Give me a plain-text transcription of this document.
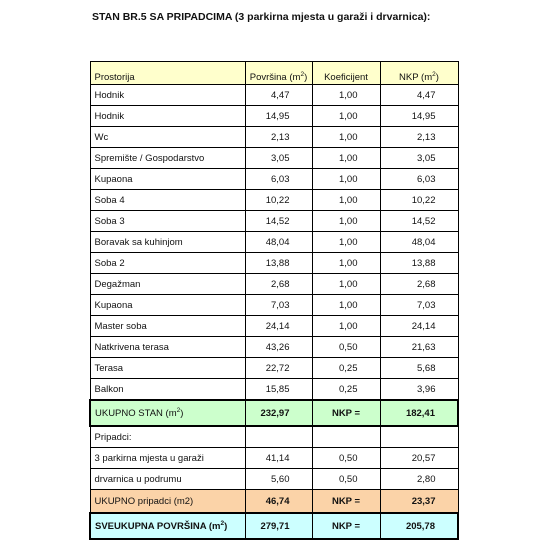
STAN BR.5 SA PRIPADCIMA (3 parkirna mjesta u garaži i drvarnica):
Prostorija	Površina $(m^2)$	Koeficijent	NKP $(m^2)$
Hodnik	4,47	1,00	4,47
Hodnik	14,95	1,00	14,95
Wc	2,13	1,00	2,13
Spremište / Gospodarstvo	3,05	1,00	3,05
Kupaona	6,03	1,00	6,03
Soba 4	10,22	1,00	10,22
Soba 3	14,52	1,00	14,52
Boravak sa kuhinjom	48,04	1,00	48,04
Soba 2	13,88	1,00	13,88
Degažman	2,68	1,00	2,68
Kupaona	7,03	1,00	7,03
Master soba	24,14	1,00	24,14
Natkrivena terasa	43,26	0,50	21,63
Terasa	22,72	0,25	5,68
Balkon	15,85	0,25	3,96
UKUPNO STAN $(m^2)$	232,97	NKP =	182,41
Pripadci:			
3 parkirna mjesta u garaži	41,14	0,50	20,57
drvarnica u podrumu	5,60	0,50	2,80
UKUPNO pripadci (m2)	46,74	NKP =	23,37
SVEUKUPNA POVRŠINA $(m^2)$	279,71	NKP =	205,78
